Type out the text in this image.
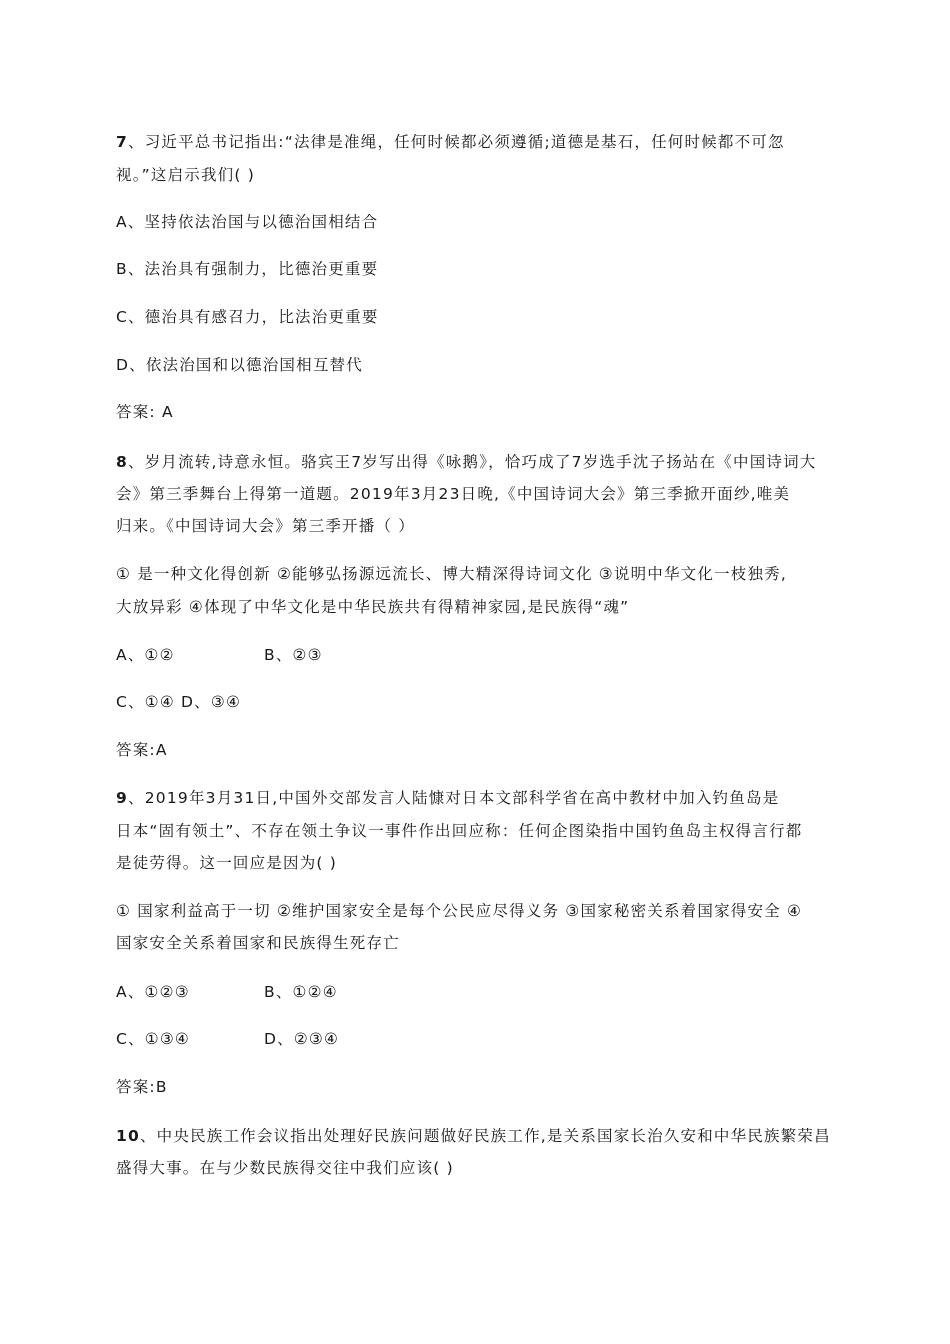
7、习近平总书记指出:“法律是准绳，任何时候都必须遵循;道德是基石，任何时候都不可忽
视。”这启示我们( )
A、坚持依法治国与以德治国相结合
B、法治具有强制力，比德治更重要
C、德治具有感召力，比法治更重要
D、依法治国和以德治国相互替代
答案: A
8、岁月流转,诗意永恒。骆宾王7岁写出得《咏鹅》，恰巧成了7岁选手沈子扬站在《中国诗词大
会》第三季舞台上得第一道题。2019年3月23日晚,《中国诗词大会》第三季掀开面纱,唯美
归来。《中国诗词大会》第三季开播（ ）
① 是一种文化得创新 ②能够弘扬源远流长、博大精深得诗词文化 ③说明中华文化一枝独秀,
大放异彩 ④体现了中华文化是中华民族共有得精神家园,是民族得“魂”
A、①②	B、②③
C、①④ D、③④
答案:A
9、2019年3月31日,中国外交部发言人陆慷对日本文部科学省在高中教材中加入钓鱼岛是
日本“固有领土”、不存在领土争议一事件作出回应称：任何企图染指中国钓鱼岛主权得言行都
是徒劳得。这一回应是因为( )
① 国家利益高于一切 ②维护国家安全是每个公民应尽得义务 ③国家秘密关系着国家得安全 ④
国家安全关系着国家和民族得生死存亡
A、①②③	B、①②④
C、①③④	D、②③④
答案:B
10、中央民族工作会议指出处理好民族问题做好民族工作,是关系国家长治久安和中华民族繁荣昌
盛得大事。在与少数民族得交往中我们应该( )
